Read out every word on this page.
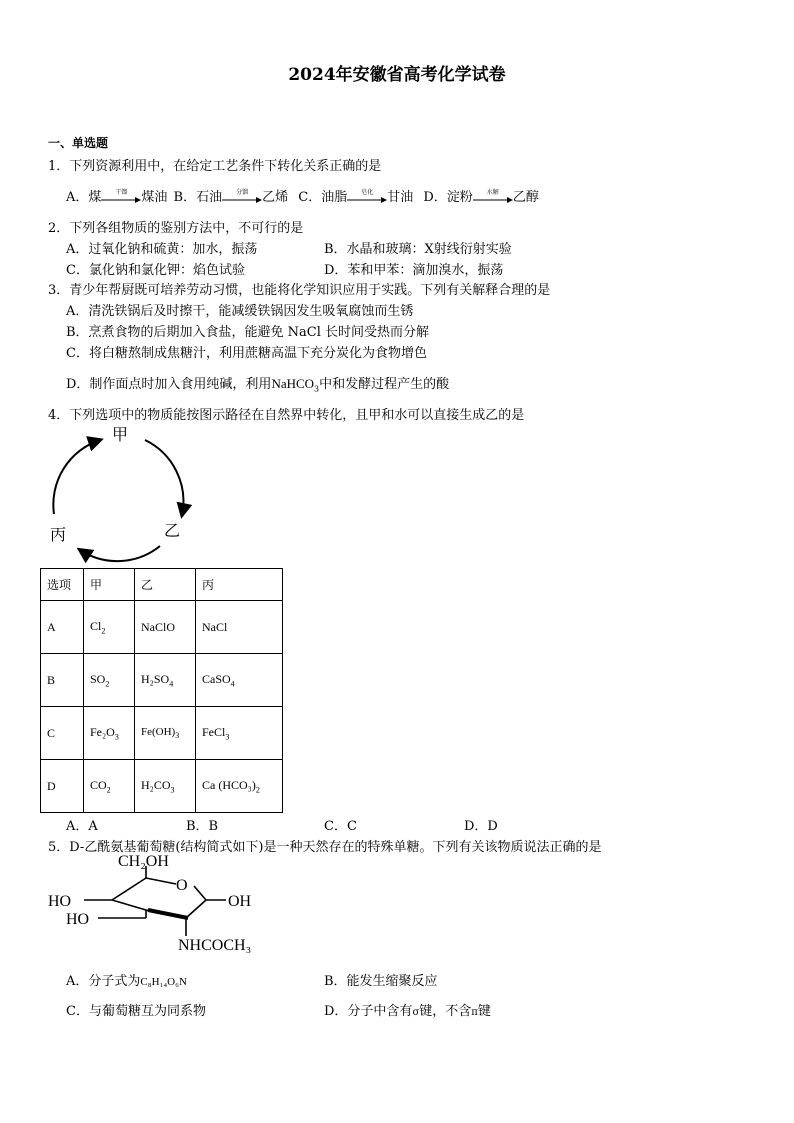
2024年安徽省高考化学试卷
一、单选题
1．下列资源利用中，在给定工艺条件下转化关系正确的是
A．煤	干馏	煤油 B．石油	分馏	乙烯 C．油脂	皂化	甘油 D．淀粉	水解	乙醇
2．下列各组物质的鉴别方法中，不可行的是
A．过氧化钠和硫黄：加水，振荡	B．水晶和玻璃：X射线衍射实验
C．氯化钠和氯化钾：焰色试验	D．苯和甲苯：滴加溴水，振荡
3．青少年帮厨既可培养劳动习惯，也能将化学知识应用于实践。下列有关解释合理的是
A．清洗铁锅后及时擦干，能减缓铁锅因发生吸氧腐蚀而生锈
B．烹煮食物的后期加入食盐，能避免 NaCl 长时间受热而分解
C．将白糖熬制成焦糖汁，利用蔗糖高温下充分炭化为食物增色
D．制作面点时加入食用纯碱，利用NaHCO$_3$中和发酵过程产生的酸
4．下列选项中的物质能按图示路径在自然界中转化，且甲和水可以直接生成乙的是
甲
乙
丙
选项	甲	乙	丙
A	$Cl_2$	NaClO	NaCl
B	$SO_2$	$H_2SO_4$	CaSO$_4$
C	$Fe_2O_3$	$Fe(OH)_3$	FeCl$_3$
D	$CO_2$	$H_2CO_3$	Ca $(HCO_3)_2$
A．A	B．B	C．C	D．D
5．D-乙酰氨基葡萄糖(结构简式如下)是一种天然存在的特殊单糖。下列有关该物质说法正确的是
CH₂OH
O
OH
HO
HO
NHCOCH₃
A．分子式为C₈H₁₄O₆N	B．能发生缩聚反应
C．与葡萄糖互为同系物	D．分子中含有σ键，不含π键
